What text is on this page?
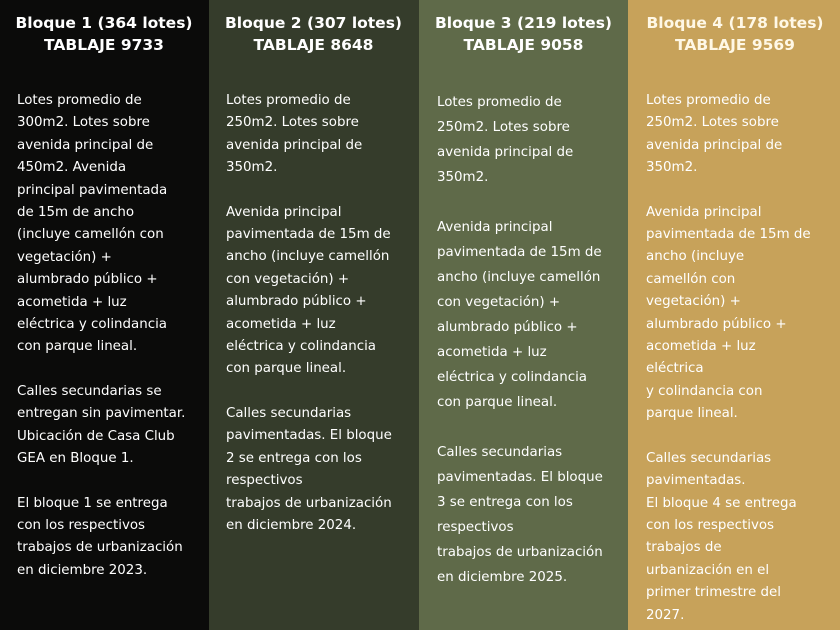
Bloque 1 (364 lotes)
TABLAJE 9733

Lotes promedio de
300m2. Lotes sobre
avenida principal de
450m2. Avenida
principal pavimentada
de 15m de ancho
(incluye camellón con
vegetación) +
alumbrado público +
acometida + luz
eléctrica y colindancia
con parque lineal.

Calles secundarias se
entregan sin pavimentar.
Ubicación de Casa Club
GEA en Bloque 1.

El bloque 1 se entrega
con los respectivos
trabajos de urbanización
en diciembre 2023.

Bloque 2 (307 lotes)
TABLAJE 8648

Lotes promedio de
250m2. Lotes sobre
avenida principal de
350m2.

Avenida principal
pavimentada de 15m de
ancho (incluye camellón
con vegetación) +
alumbrado público +
acometida + luz
eléctrica y colindancia
con parque lineal.

Calles secundarias
pavimentadas. El bloque
2 se entrega con los
respectivos
trabajos de urbanización
en diciembre 2024.

Bloque 3 (219 lotes)
TABLAJE 9058

Lotes promedio de
250m2. Lotes sobre
avenida principal de
350m2.

Avenida principal
pavimentada de 15m de
ancho (incluye camellón
con vegetación) +
alumbrado público +
acometida + luz
eléctrica y colindancia
con parque lineal.

Calles secundarias
pavimentadas. El bloque
3 se entrega con los
respectivos
trabajos de urbanización
en diciembre 2025.

Bloque 4 (178 lotes)
TABLAJE 9569

Lotes promedio de
250m2. Lotes sobre
avenida principal de
350m2.

Avenida principal
pavimentada de 15m de
ancho (incluye
camellón con
vegetación) +
alumbrado público +
acometida + luz
eléctrica
y colindancia con
parque lineal.

Calles secundarias
pavimentadas.
El bloque 4 se entrega
con los respectivos
trabajos de
urbanización en el
primer trimestre del
2027.
